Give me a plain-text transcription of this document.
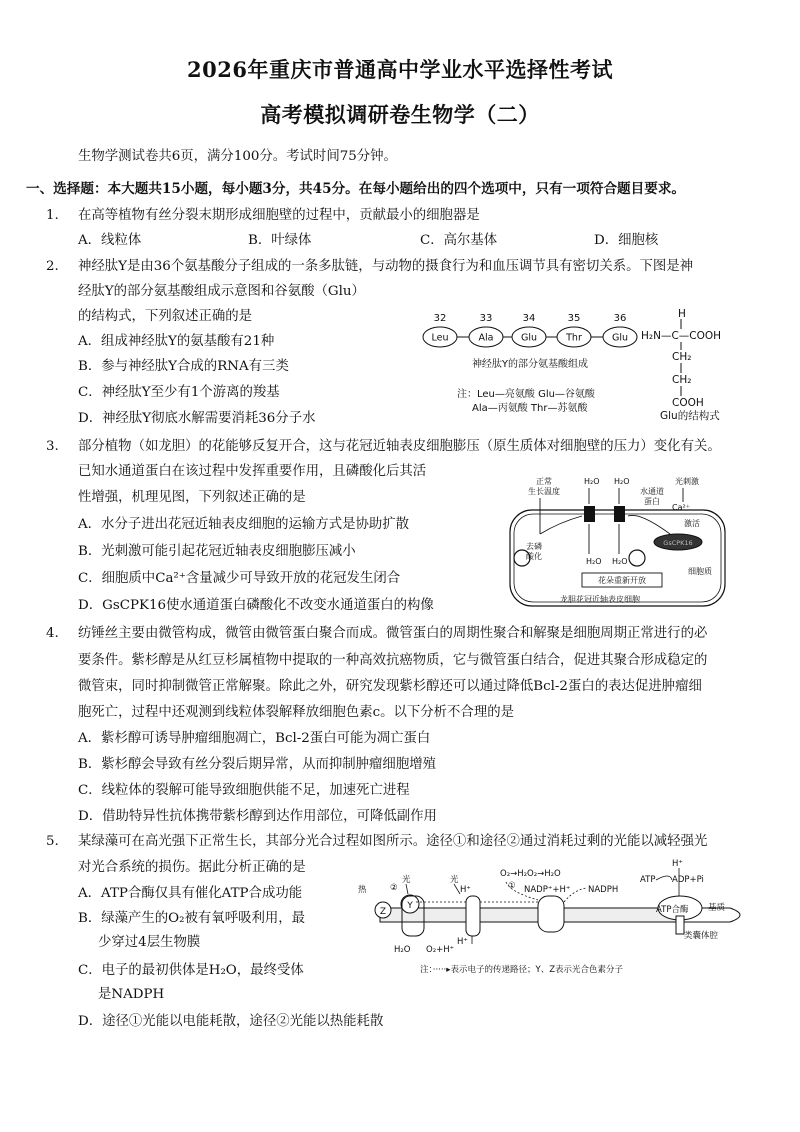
2026年重庆市普通高中学业水平选择性考试
高考模拟调研卷生物学（二）
生物学测试卷共6页，满分100分。考试时间75分钟。
一、选择题：本大题共15小题，每小题3分，共45分。在每小题给出的四个选项中，只有一项符合题目要求。
1. 在高等植物有丝分裂末期形成细胞壁的过程中，贡献最小的细胞器是
A．线粒体	B．叶绿体	C．高尔基体	D．细胞核
2. 神经肽Y是由36个氨基酸分子组成的一条多肽链，与动物的摄食行为和血压调节具有密切关系。下图是神
经肽Y的部分氨基酸组成示意图和谷氨酸（Glu）
的结构式，下列叙述正确的是
A．组成神经肽Y的氨基酸有21种
B．参与神经肽Y合成的RNA有三类
C．神经肽Y至少有1个游离的羧基
D．神经肽Y彻底水解需要消耗36分子水
32	33	34	35	36
Leu	Ala	Glu	Thr	Glu
神经肽Y的部分氨基酸组成
注：Leu—亮氨酸 Glu—谷氨酸
Ala—丙氨酸 Thr—苏氨酸
H
H₂N—C—COOH
CH₂
CH₂
COOH
Glu的结构式
3. 部分植物（如龙胆）的花能够反复开合，这与花冠近轴表皮细胞膨压（原生质体对细胞壁的压力）变化有关。
已知水通道蛋白在该过程中发挥重要作用，且磷酸化后其活
性增强，机理见图，下列叙述正确的是
A．水分子进出花冠近轴表皮细胞的运输方式是协助扩散
B．光刺激可能引起花冠近轴表皮细胞膨压减小
C．细胞质中Ca²⁺含量减少可导致开放的花冠发生闭合
D．GsCPK16使水通道蛋白磷酸化不改变水通道蛋白的构像
正常
生长温度
H₂O H₂O
水通道
蛋白
光刺激
Ca²⁺
激活
去磷
酸化
H₂O H₂O
细胞质
龙胆花冠近轴表皮细胞
花朵重新开放
GsCPK16
4. 纺锤丝主要由微管构成，微管由微管蛋白聚合而成。微管蛋白的周期性聚合和解聚是细胞周期正常进行的必
要条件。紫杉醇是从红豆杉属植物中提取的一种高效抗癌物质，它与微管蛋白结合，促进其聚合形成稳定的
微管束，同时抑制微管正常解聚。除此之外，研究发现紫杉醇还可以通过降低Bcl-2蛋白的表达促进肿瘤细
胞死亡，过程中还观测到线粒体裂解释放细胞色素c。以下分析不合理的是
A．紫杉醇可诱导肿瘤细胞凋亡，Bcl-2蛋白可能为凋亡蛋白
B．紫杉醇会导致有丝分裂后期异常，从而抑制肿瘤细胞增殖
C．线粒体的裂解可能导致细胞供能不足，加速死亡进程
D．借助特异性抗体携带紫杉醇到达作用部位，可降低副作用
5. 某绿藻可在高光强下正常生长，其部分光合过程如图所示。途径①和途径②通过消耗过剩的光能以减轻强光
对光合系统的损伤。据此分析正确的是
A．ATP合酶仅具有催化ATP合成功能
B．绿藻产生的O₂被有氧呼吸利用，最
少穿过4层生物膜
C．电子的最初供体是H₂O，最终受体
是NADPH
D．途径①光能以电能耗散，途径②光能以热能耗散
Z
Y
热
光	光
②	①
O₂→H₂O₂→H₂O
NADP⁺+H⁺ NADPH
H⁺
H⁺
H⁺
ATP ADP+Pi
ATP合酶 基质
H₂O O₂+H⁺
类囊体腔
注：·····▸表示电子的传递路径；Y、Z表示光合色素分子
